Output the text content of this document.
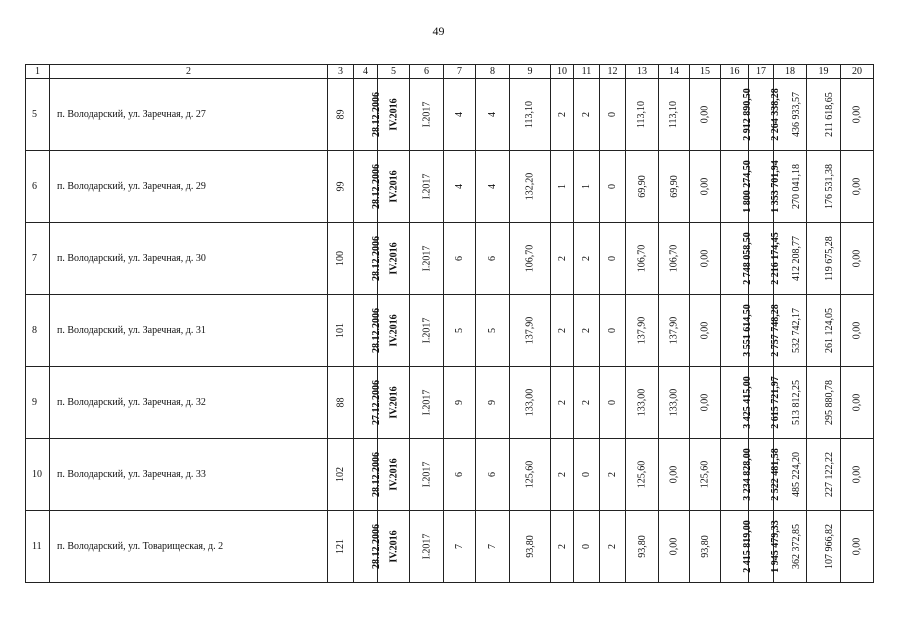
49
1	2	3	4	5	6	7	8	9	10	11	12	13	14	15	16	17	18	19	20
5	п. Володарский, ул. Заречная, д. 27	89	28.12.2006	IV.2016	I.2017	4	4	113,10	2	2	0	113,10	113,10	0,00	2 912 890,50	2 264 338,28	436 933,57	211 618,65	0,00
6	п. Володарский, ул. Заречная, д. 29	99	28.12.2006	IV.2016	I.2017	4	4	132,20	1	1	0	69,90	69,90	0,00	1 800 274,50	1 353 701,94	270 041,18	176 531,38	0,00
7	п. Володарский, ул. Заречная, д. 30	100	28.12.2006	IV.2016	I.2017	6	6	106,70	2	2	0	106,70	106,70	0,00	2 748 058,50	2 216 174,45	412 208,77	119 675,28	0,00
8	п. Володарский, ул. Заречная, д. 31	101	28.12.2006	IV.2016	I.2017	5	5	137,90	2	2	0	137,90	137,90	0,00	3 551 614,50	2 757 748,28	532 742,17	261 124,05	0,00
9	п. Володарский, ул. Заречная, д. 32	88	27.12.2006	IV.2016	I.2017	9	9	133,00	2	2	0	133,00	133,00	0,00	3 425 415,00	2 615 721,97	513 812,25	295 880,78	0,00
10	п. Володарский, ул. Заречная, д. 33	102	28.12.2006	IV.2016	I.2017	6	6	125,60	2	0	2	125,60	0,00	125,60	3 234 828,00	2 522 481,58	485 224,20	227 122,22	0,00
11	п. Володарский, ул. Товарищеская, д. 2	121	28.12.2006	IV.2016	I.2017	7	7	93,80	2	0	2	93,80	0,00	93,80	2 415 819,00	1 945 479,33	362 372,85	107 966,82	0,00
